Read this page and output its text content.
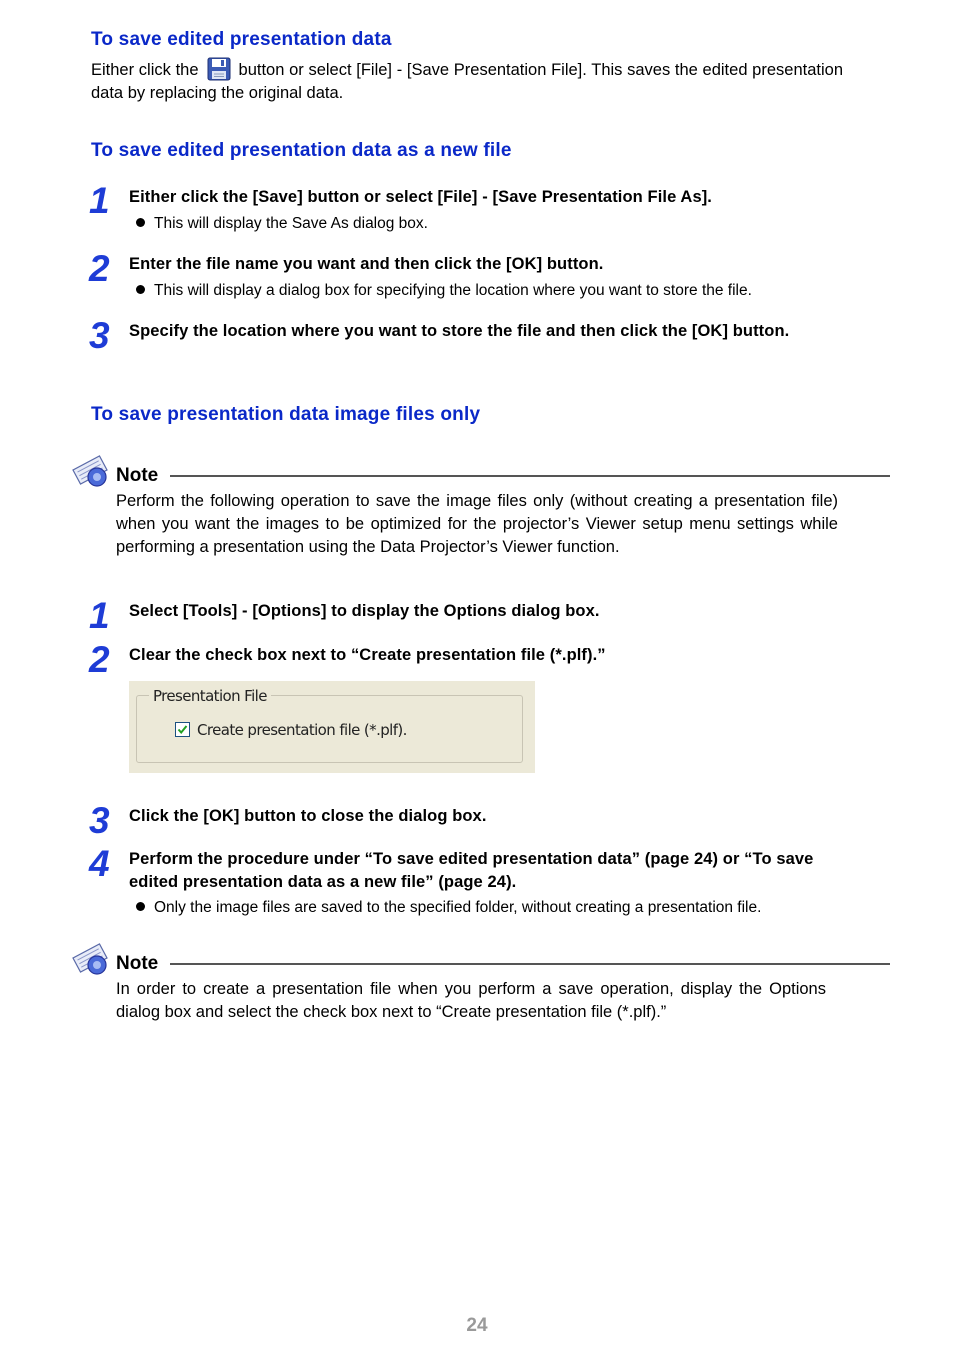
To save edited presentation data
Either click the button or select [File] - [Save Presentation File]. This saves the edited presentation data by replacing the original data.
To save edited presentation data as a new file
1	Either click the [Save] button or select [File] - [Save Presentation File As].
This will display the Save As dialog box.
2	Enter the file name you want and then click the [OK] button.
This will display a dialog box for specifying the location where you want to store the file.
3	Specify the location where you want to store the file and then click the [OK] button.
To save presentation data image files only
Note
Perform the following operation to save the image files only (without creating a presentation file) when you want the images to be optimized for the projector’s Viewer setup menu settings while performing a presentation using the Data Projector’s Viewer function.
1	Select [Tools] - [Options] to display the Options dialog box.
2	Clear the check box next to “Create presentation file (*.plf).”
Presentation File
Create presentation file (*.plf).
3	Click the [OK] button to close the dialog box.
4	Perform the procedure under “To save edited presentation data” (page 24) or “To save edited presentation data as a new file” (page 24).
Only the image files are saved to the specified folder, without creating a presentation file.
Note
In order to create a presentation file when you perform a save operation, display the Options dialog box and select the check box next to “Create presentation file (*.plf).”
24
